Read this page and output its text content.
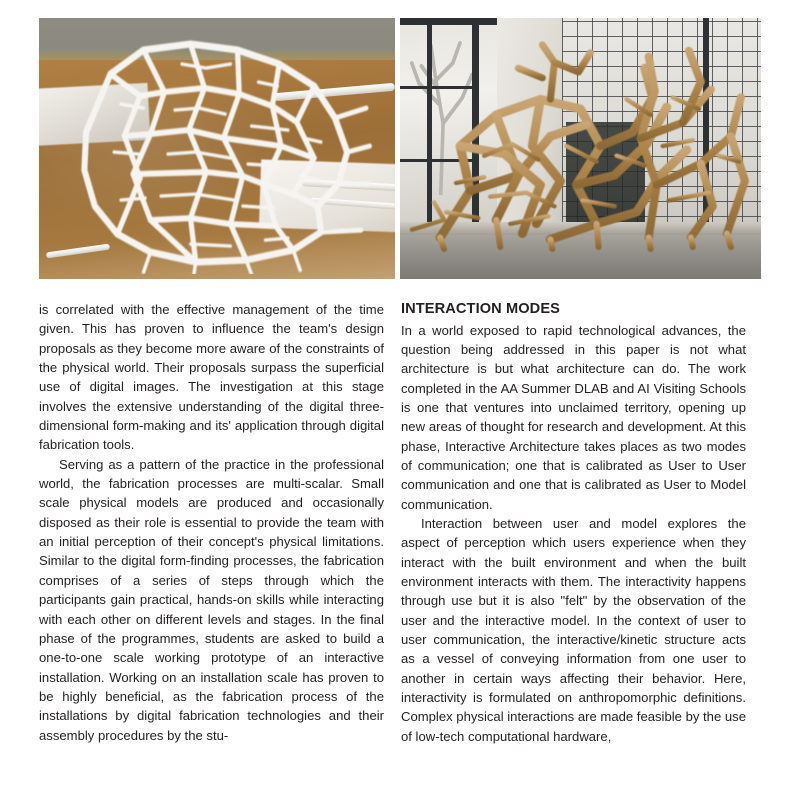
is correlated with the effective management of the time given. This has proven to influence the team's design proposals as they become more aware of the constraints of the physical world. Their proposals surpass the superficial use of digital images. The investigation at this stage involves the extensive understanding of the digital three-dimensional form-making and its' application through digital fabrication tools.

Serving as a pattern of the practice in the professional world, the fabrication processes are multi-scalar. Small scale physical models are produced and occasionally disposed as their role is essential to provide the team with an initial perception of their concept's physical limitations. Similar to the digital form-finding processes, the fabrication comprises of a series of steps through which the participants gain practical, hands-on skills while interacting with each other on different levels and stages. In the final phase of the programmes, students are asked to build a one-to-one scale working prototype of an interactive installation. Working on an installation scale has proven to be highly beneficial, as the fabrication process of the installations by digital fabrication technologies and their assembly procedures by the stu-

INTERACTION MODES

In a world exposed to rapid technological advances, the question being addressed in this paper is not what architecture is but what architecture can do. The work completed in the AA Summer DLAB and AI Visiting Schools is one that ventures into unclaimed territory, opening up new areas of thought for research and development. At this phase, Interactive Architecture takes places as two modes of communication; one that is calibrated as User to User communication and one that is calibrated as User to Model communication.

Interaction between user and model explores the aspect of perception which users experience when they interact with the built environment and when the built environment interacts with them. The interactivity happens through use but it is also "felt" by the observation of the user and the interactive model. In the context of user to user communication, the interactive/kinetic structure acts as a vessel of conveying information from one user to another in certain ways affecting their behavior. Here, interactivity is formulated on anthropomorphic definitions. Complex physical interactions are made feasible by the use of low-tech computational hardware,
